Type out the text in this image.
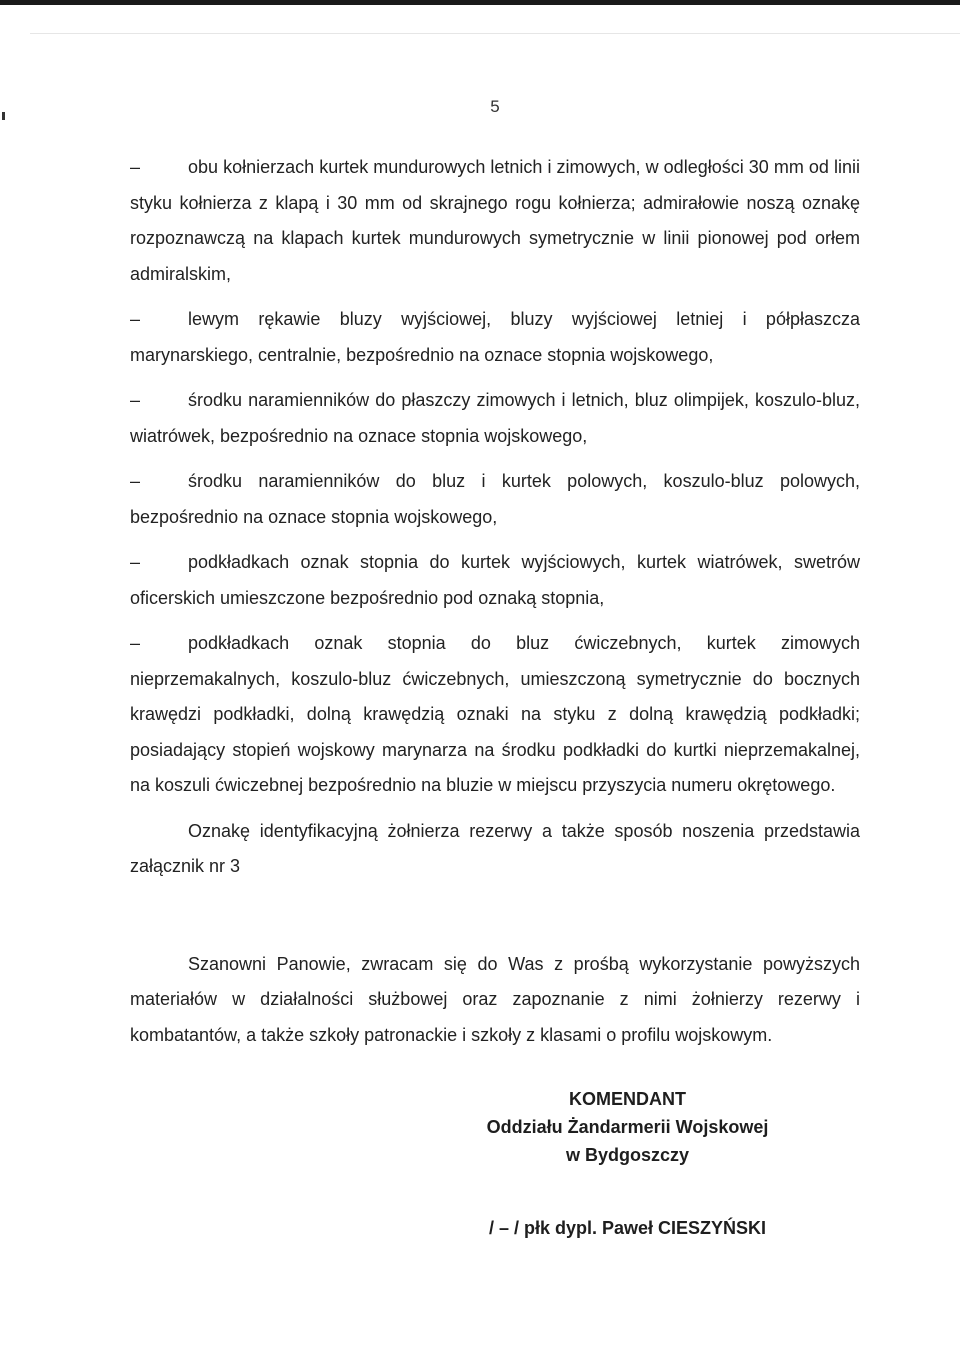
5

–	obu kołnierzach kurtek mundurowych letnich i zimowych, w odległości 30 mm od linii styku kołnierza z klapą i 30 mm od skrajnego rogu kołnierza; admirałowie noszą oznakę rozpoznawczą na klapach kurtek mundurowych symetrycznie w linii pionowej pod orłem admiralskim,

–	lewym rękawie bluzy wyjściowej, bluzy wyjściowej letniej i półpłaszcza marynarskiego, centralnie, bezpośrednio na oznace stopnia wojskowego,

–	środku naramienników do płaszczy zimowych i letnich, bluz olimpijek, koszulo-bluz, wiatrówek, bezpośrednio na oznace stopnia wojskowego,

–	środku naramienników do bluz i kurtek polowych, koszulo-bluz polowych, bezpośrednio na oznace stopnia wojskowego,

–	podkładkach oznak stopnia do kurtek wyjściowych, kurtek wiatrówek, swetrów oficerskich umieszczone bezpośrednio pod oznaką stopnia,

–	podkładkach oznak stopnia do bluz ćwiczebnych, kurtek zimowych nieprzemakalnych, koszulo-bluz ćwiczebnych, umieszczoną symetrycznie do bocznych krawędzi podkładki, dolną krawędzią oznaki na styku z dolną krawędzią podkładki; posiadający stopień wojskowy marynarza na środku podkładki do kurtki nieprzemakalnej, na koszuli ćwiczebnej bezpośrednio na bluzie w miejscu przyszycia numeru okrętowego.

Oznakę identyfikacyjną żołnierza rezerwy a także sposób noszenia przedstawia załącznik nr 3

Szanowni Panowie, zwracam się do Was z prośbą wykorzystanie powyższych materiałów w działalności służbowej oraz zapoznanie z nimi żołnierzy rezerwy i kombatantów, a także szkoły patronackie i szkoły z klasami o profilu wojskowym.

KOMENDANT
Oddziału Żandarmerii Wojskowej
w Bydgoszczy
/ – / płk dypl. Paweł CIESZYŃSKI
